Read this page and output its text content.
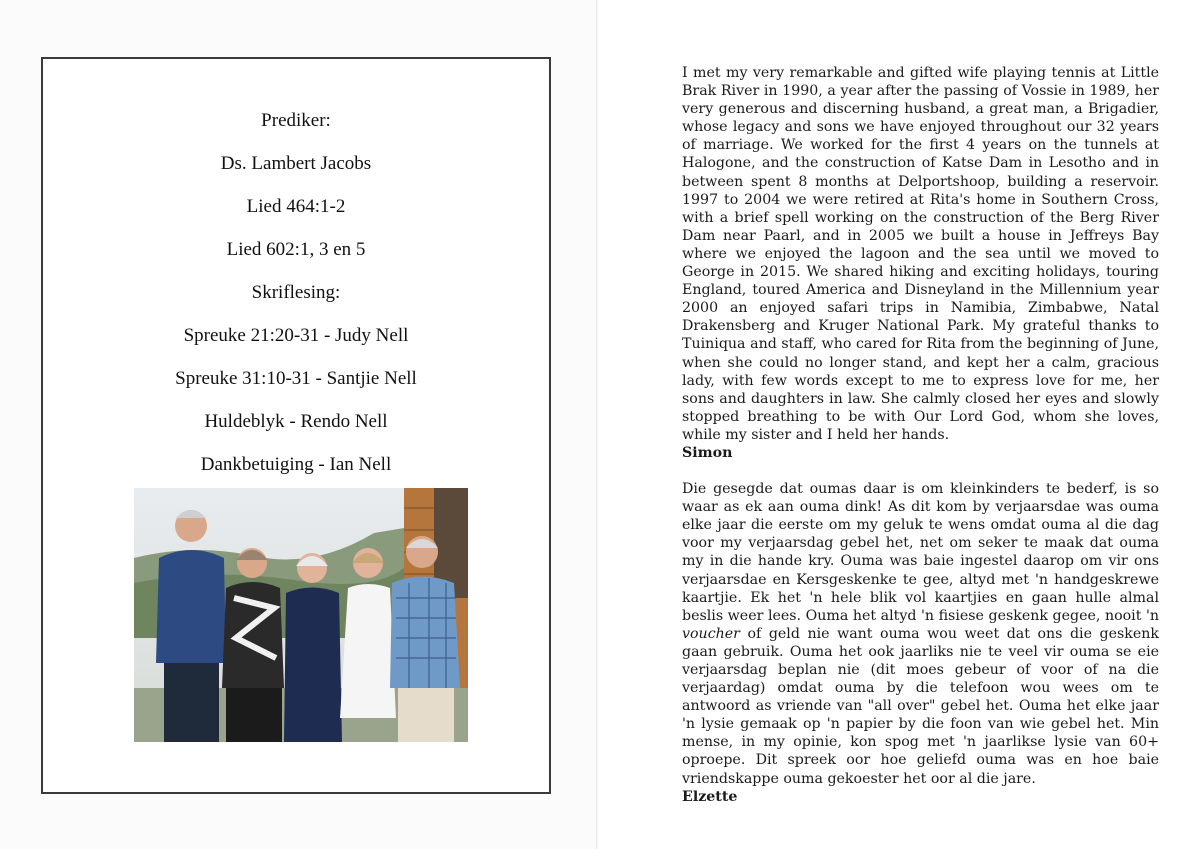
Prediker:
Ds. Lambert Jacobs
Lied 464:1-2
Lied 602:1, 3 en 5
Skriflesing:
Spreuke 21:20-31 - Judy Nell
Spreuke 31:10-31 - Santjie Nell
Huldeblyk - Rendo Nell
Dankbetuiging - Ian Nell

I met my very remarkable and gifted wife playing tennis at Little Brak River in 1990, a year after the passing of Vossie in 1989, her very generous and discerning husband, a great man, a Brigadier, whose legacy and sons we have enjoyed throughout our 32 years of marriage. We worked for the first 4 years on the tunnels at Halogone, and the construction of Katse Dam in Lesotho and in between spent 8 months at Delportshoop, building a reservoir. 1997 to 2004 we were retired at Rita's home in Southern Cross, with a brief spell working on the construction of the Berg River Dam near Paarl, and in 2005 we built a house in Jeffreys Bay where we enjoyed the lagoon and the sea until we moved to George in 2015. We shared hiking and exciting holidays, touring England, toured America and Disneyland in the Millennium year 2000 an enjoyed safari trips in Namibia, Zimbabwe, Natal Drakensberg and Kruger National Park. My grateful thanks to Tuiniqua and staff, who cared for Rita from the beginning of June, when she could no longer stand, and kept her a calm, gracious lady, with few words except to me to express love for me, her sons and daughters in law. She calmly closed her eyes and slowly stopped breathing to be with Our Lord God, whom she loves, while my sister and I held her hands.

Simon

Die gesegde dat oumas daar is om kleinkinders te bederf, is so waar as ek aan ouma dink! As dit kom by verjaarsdae was ouma elke jaar die eerste om my geluk te wens omdat ouma al die dag voor my verjaarsdag gebel het, net om seker te maak dat ouma my in die hande kry. Ouma was baie ingestel daarop om vir ons verjaarsdae en Kersgeskenke te gee, altyd met 'n handgeskrewe kaartjie. Ek het 'n hele blik vol kaartjies en gaan hulle almal beslis weer lees. Ouma het altyd 'n fisiese geskenk gegee, nooit 'n voucher of geld nie want ouma wou weet dat ons die geskenk gaan gebruik. Ouma het ook jaarliks nie te veel vir ouma se eie verjaarsdag beplan nie (dit moes gebeur of voor of na die verjaardag) omdat ouma by die telefoon wou wees om te antwoord as vriende van "all over" gebel het. Ouma het elke jaar 'n lysie gemaak op 'n papier by die foon van wie gebel het. Min mense, in my opinie, kon spog met 'n jaarlikse lysie van 60+ oproepe. Dit spreek oor hoe geliefd ouma was en hoe baie vriendskappe ouma gekoester het oor al die jare.

Elzette
